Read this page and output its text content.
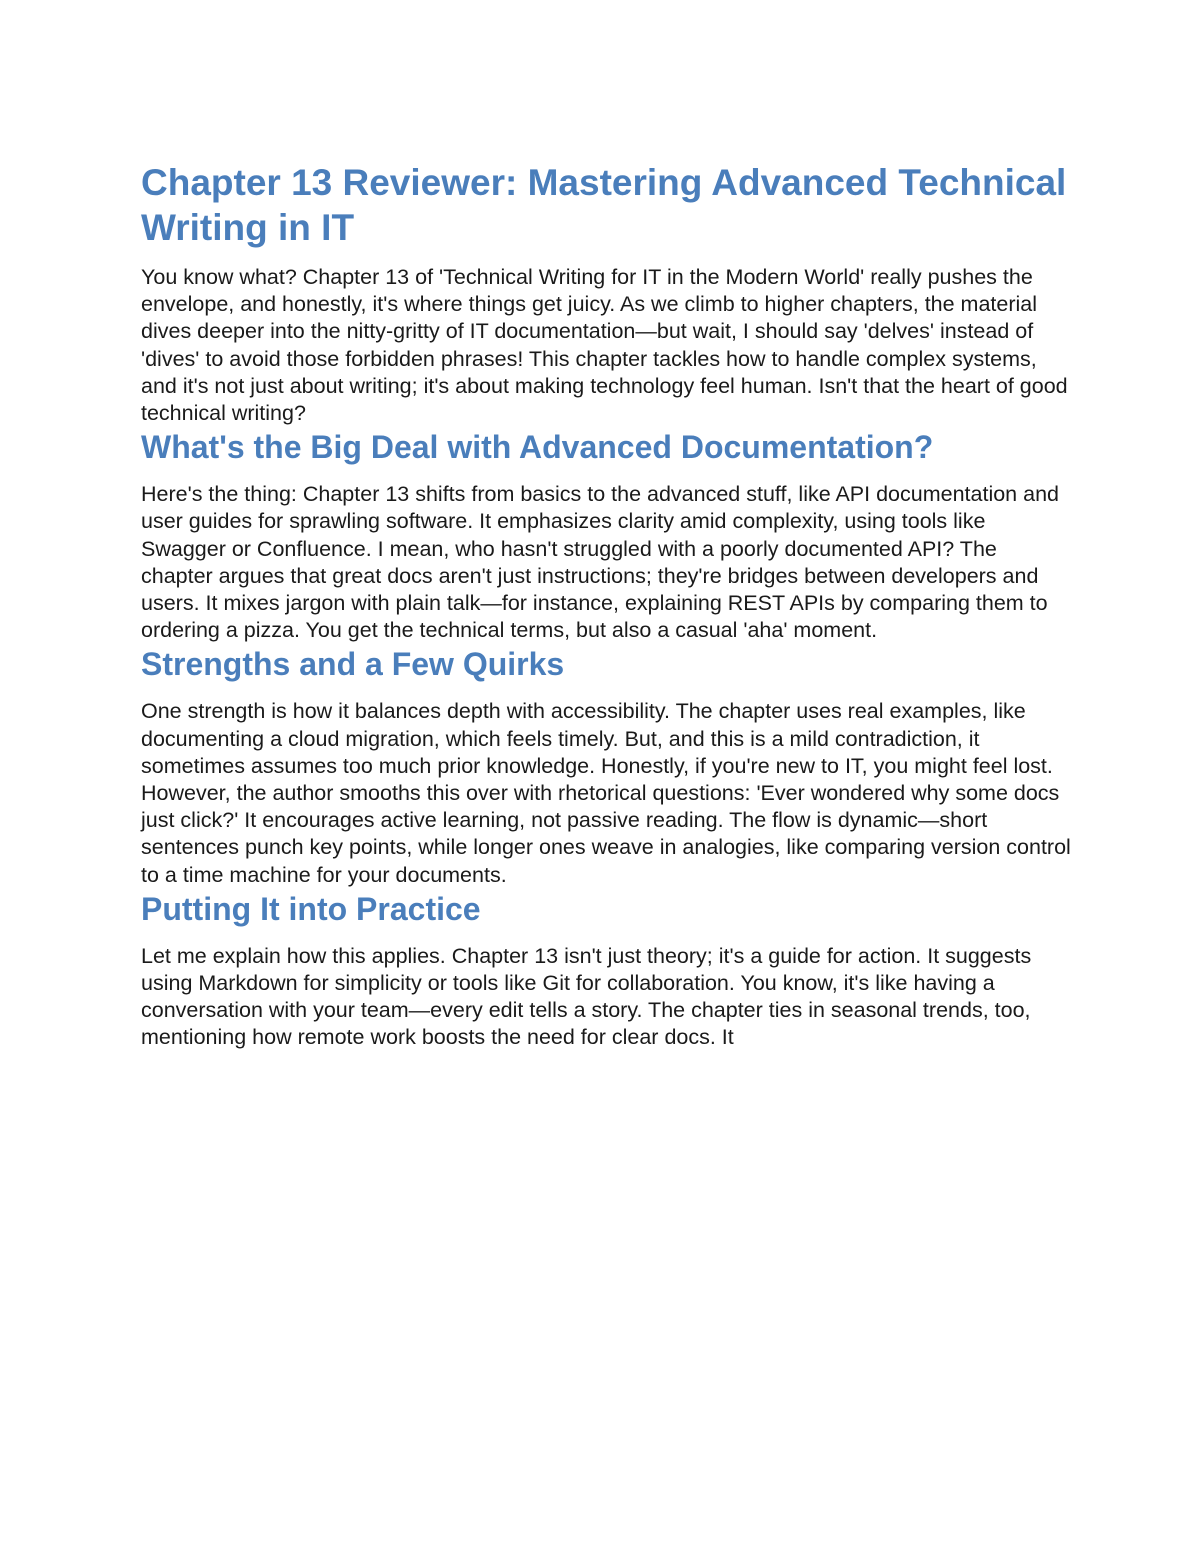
Chapter 13 Reviewer: Mastering Advanced Technical Writing in IT

You know what? Chapter 13 of 'Technical Writing for IT in the Modern World' really pushes the envelope, and honestly, it's where things get juicy. As we climb to higher chapters, the material dives deeper into the nitty-gritty of IT documentation—but wait, I should say 'delves' instead of 'dives' to avoid those forbidden phrases! This chapter tackles how to handle complex systems, and it's not just about writing; it's about making technology feel human. Isn't that the heart of good technical writing?

What's the Big Deal with Advanced Documentation?

Here's the thing: Chapter 13 shifts from basics to the advanced stuff, like API documentation and user guides for sprawling software. It emphasizes clarity amid complexity, using tools like Swagger or Confluence. I mean, who hasn't struggled with a poorly documented API? The chapter argues that great docs aren't just instructions; they're bridges between developers and users. It mixes jargon with plain talk—for instance, explaining REST APIs by comparing them to ordering a pizza. You get the technical terms, but also a casual 'aha' moment.

Strengths and a Few Quirks

One strength is how it balances depth with accessibility. The chapter uses real examples, like documenting a cloud migration, which feels timely. But, and this is a mild contradiction, it sometimes assumes too much prior knowledge. Honestly, if you're new to IT, you might feel lost. However, the author smooths this over with rhetorical questions: 'Ever wondered why some docs just click?' It encourages active learning, not passive reading. The flow is dynamic—short sentences punch key points, while longer ones weave in analogies, like comparing version control to a time machine for your documents.

Putting It into Practice

Let me explain how this applies. Chapter 13 isn't just theory; it's a guide for action. It suggests using Markdown for simplicity or tools like Git for collaboration. You know, it's like having a conversation with your team—every edit tells a story. The chapter ties in seasonal trends, too, mentioning how remote work boosts the need for clear docs. It
